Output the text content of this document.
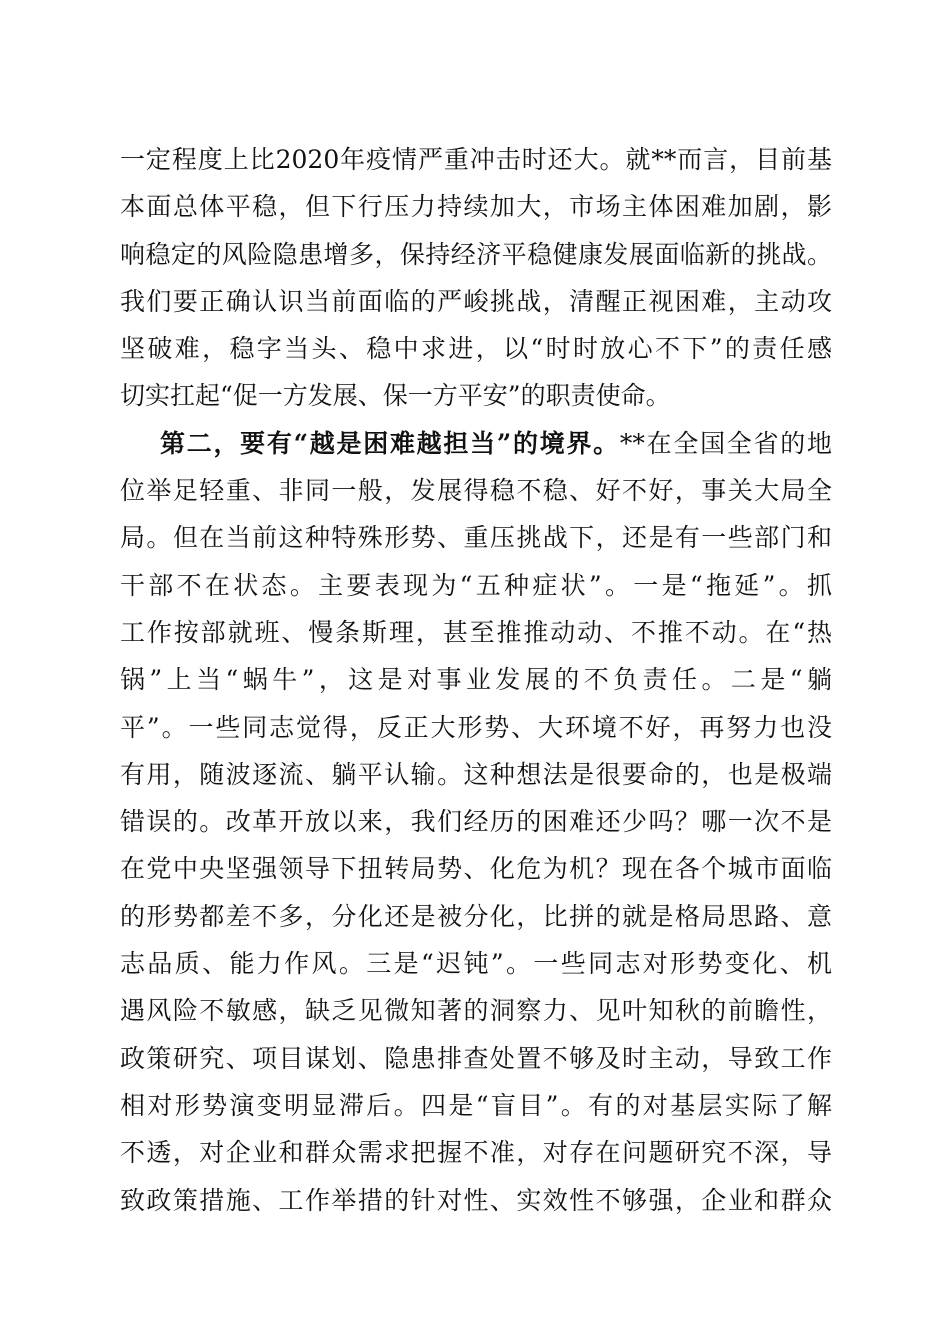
一定程度上比2020年疫情严重冲击时还大。就**而言，目前基
本面总体平稳，但下行压力持续加大，市场主体困难加剧，影
响稳定的风险隐患增多，保持经济平稳健康发展面临新的挑战。
我们要正确认识当前面临的严峻挑战，清醒正视困难，主动攻
坚破难，稳字当头、稳中求进，以“时时放心不下”的责任感
切实扛起“促一方发展、保一方平安”的职责使命。
第二，要有“越是困难越担当”的境界。**在全国全省的地
位举足轻重、非同一般，发展得稳不稳、好不好，事关大局全
局。但在当前这种特殊形势、重压挑战下，还是有一些部门和
干部不在状态。主要表现为“五种症状”。一是“拖延”。抓
工作按部就班、慢条斯理，甚至推推动动、不推不动。在“热
锅”上当“蜗牛”，这是对事业发展的不负责任。二是“躺
平”。一些同志觉得，反正大形势、大环境不好，再努力也没
有用，随波逐流、躺平认输。这种想法是很要命的，也是极端
错误的。改革开放以来，我们经历的困难还少吗？哪一次不是
在党中央坚强领导下扭转局势、化危为机？现在各个城市面临
的形势都差不多，分化还是被分化，比拼的就是格局思路、意
志品质、能力作风。三是“迟钝”。一些同志对形势变化、机
遇风险不敏感，缺乏见微知著的洞察力、见叶知秋的前瞻性，
政策研究、项目谋划、隐患排查处置不够及时主动，导致工作
相对形势演变明显滞后。四是“盲目”。有的对基层实际了解
不透，对企业和群众需求把握不准，对存在问题研究不深，导
致政策措施、工作举措的针对性、实效性不够强，企业和群众
